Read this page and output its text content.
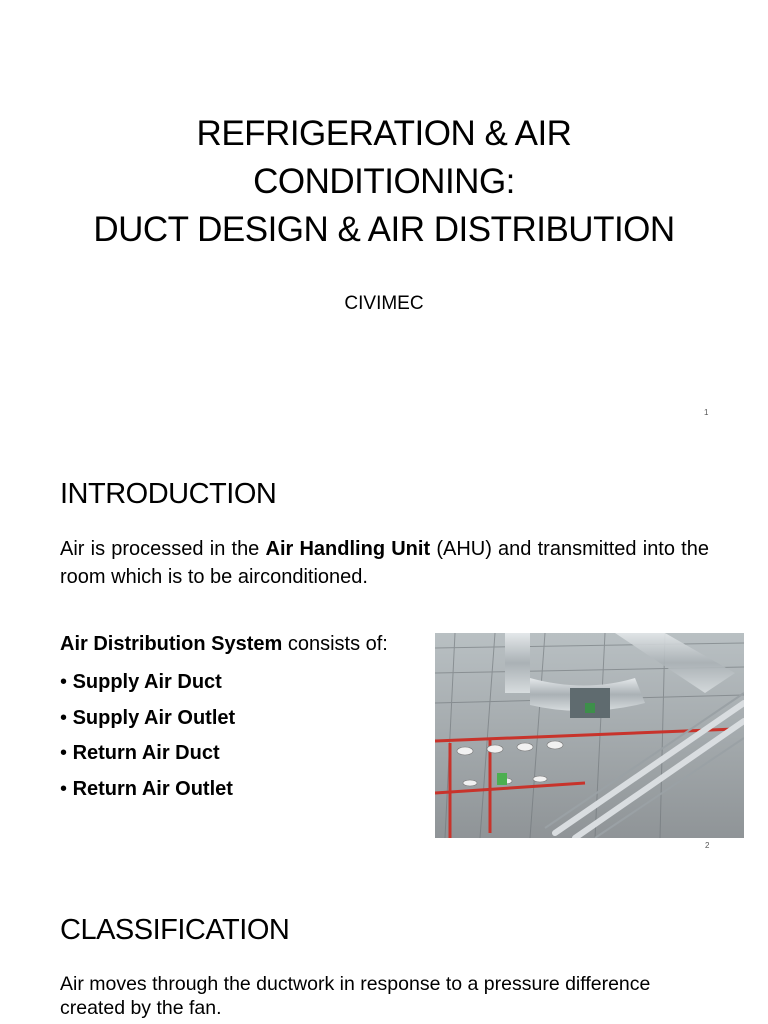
REFRIGERATION & AIR
CONDITIONING:
DUCT DESIGN & AIR DISTRIBUTION
CIVIMEC
1
INTRODUCTION
Air is processed in the Air Handling Unit (AHU) and transmitted into the room which is to be airconditioned.
Air Distribution System consists of:
• Supply Air Duct
• Supply Air Outlet
• Return Air Duct
• Return Air Outlet
2
CLASSIFICATION
Air moves through the ductwork in response to a pressure difference created by the fan.
